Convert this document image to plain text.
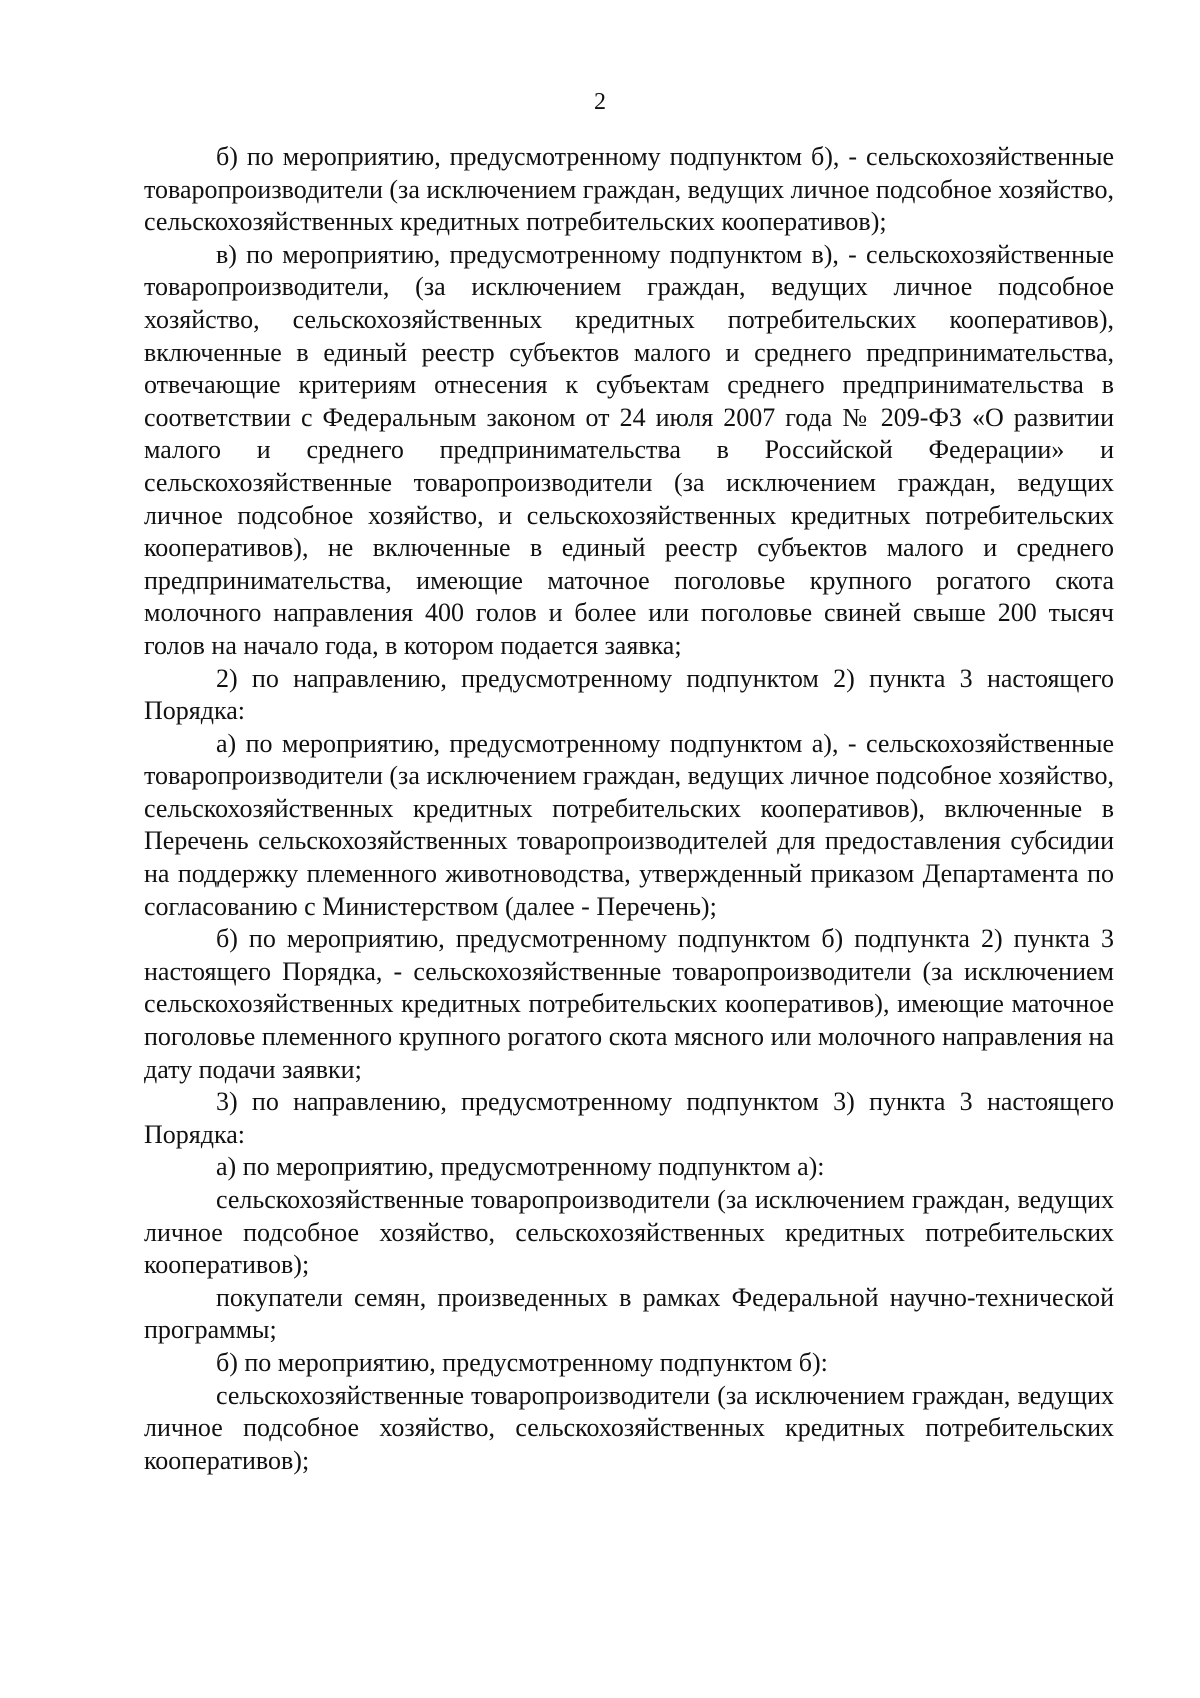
2

б) по мероприятию, предусмотренному подпунктом б), - сельскохозяйственные товаропроизводители (за исключением граждан, ведущих личное подсобное хозяйство, сельскохозяйственных кредитных потребительских кооперативов);

в) по мероприятию, предусмотренному подпунктом в), - сельскохозяйственные товаропроизводители, (за исключением граждан, ведущих личное подсобное хозяйство, сельскохозяйственных кредитных потребительских кооперативов), включенные в единый реестр субъектов малого и среднего предпринимательства, отвечающие критериям отнесения к субъектам среднего предпринимательства в соответствии с Федеральным законом от 24 июля 2007 года № 209-ФЗ «О развитии малого и среднего предпринимательства в Российской Федерации» и сельскохозяйственные товаропроизводители (за исключением граждан, ведущих личное подсобное хозяйство, и сельскохозяйственных кредитных потребительских кооперативов), не включенные в единый реестр субъектов малого и среднего предпринимательства, имеющие маточное поголовье крупного рогатого скота молочного направления 400 голов и более или поголовье свиней свыше 200 тысяч голов на начало года, в котором подается заявка;

2) по направлению, предусмотренному подпунктом 2) пункта 3 настоящего Порядка:

а) по мероприятию, предусмотренному подпунктом а), - сельскохозяйственные товаропроизводители (за исключением граждан, ведущих личное подсобное хозяйство, сельскохозяйственных кредитных потребительских кооперативов), включенные в Перечень сельскохозяйственных товаропроизводителей для предоставления субсидии на поддержку племенного животноводства, утвержденный приказом Департамента по согласованию с Министерством (далее - Перечень);

б) по мероприятию, предусмотренному подпунктом б) подпункта 2) пункта 3 настоящего Порядка, - сельскохозяйственные товаропроизводители (за исключением сельскохозяйственных кредитных потребительских кооперативов), имеющие маточное поголовье племенного крупного рогатого скота мясного или молочного направления на дату подачи заявки;

3) по направлению, предусмотренному подпунктом 3) пункта 3 настоящего Порядка:

а) по мероприятию, предусмотренному подпунктом а):

сельскохозяйственные товаропроизводители (за исключением граждан, ведущих личное подсобное хозяйство, сельскохозяйственных кредитных потребительских кооперативов);

покупатели семян, произведенных в рамках Федеральной научно-технической программы;

б) по мероприятию, предусмотренному подпунктом б):

сельскохозяйственные товаропроизводители (за исключением граждан, ведущих личное подсобное хозяйство, сельскохозяйственных кредитных потребительских кооперативов);
